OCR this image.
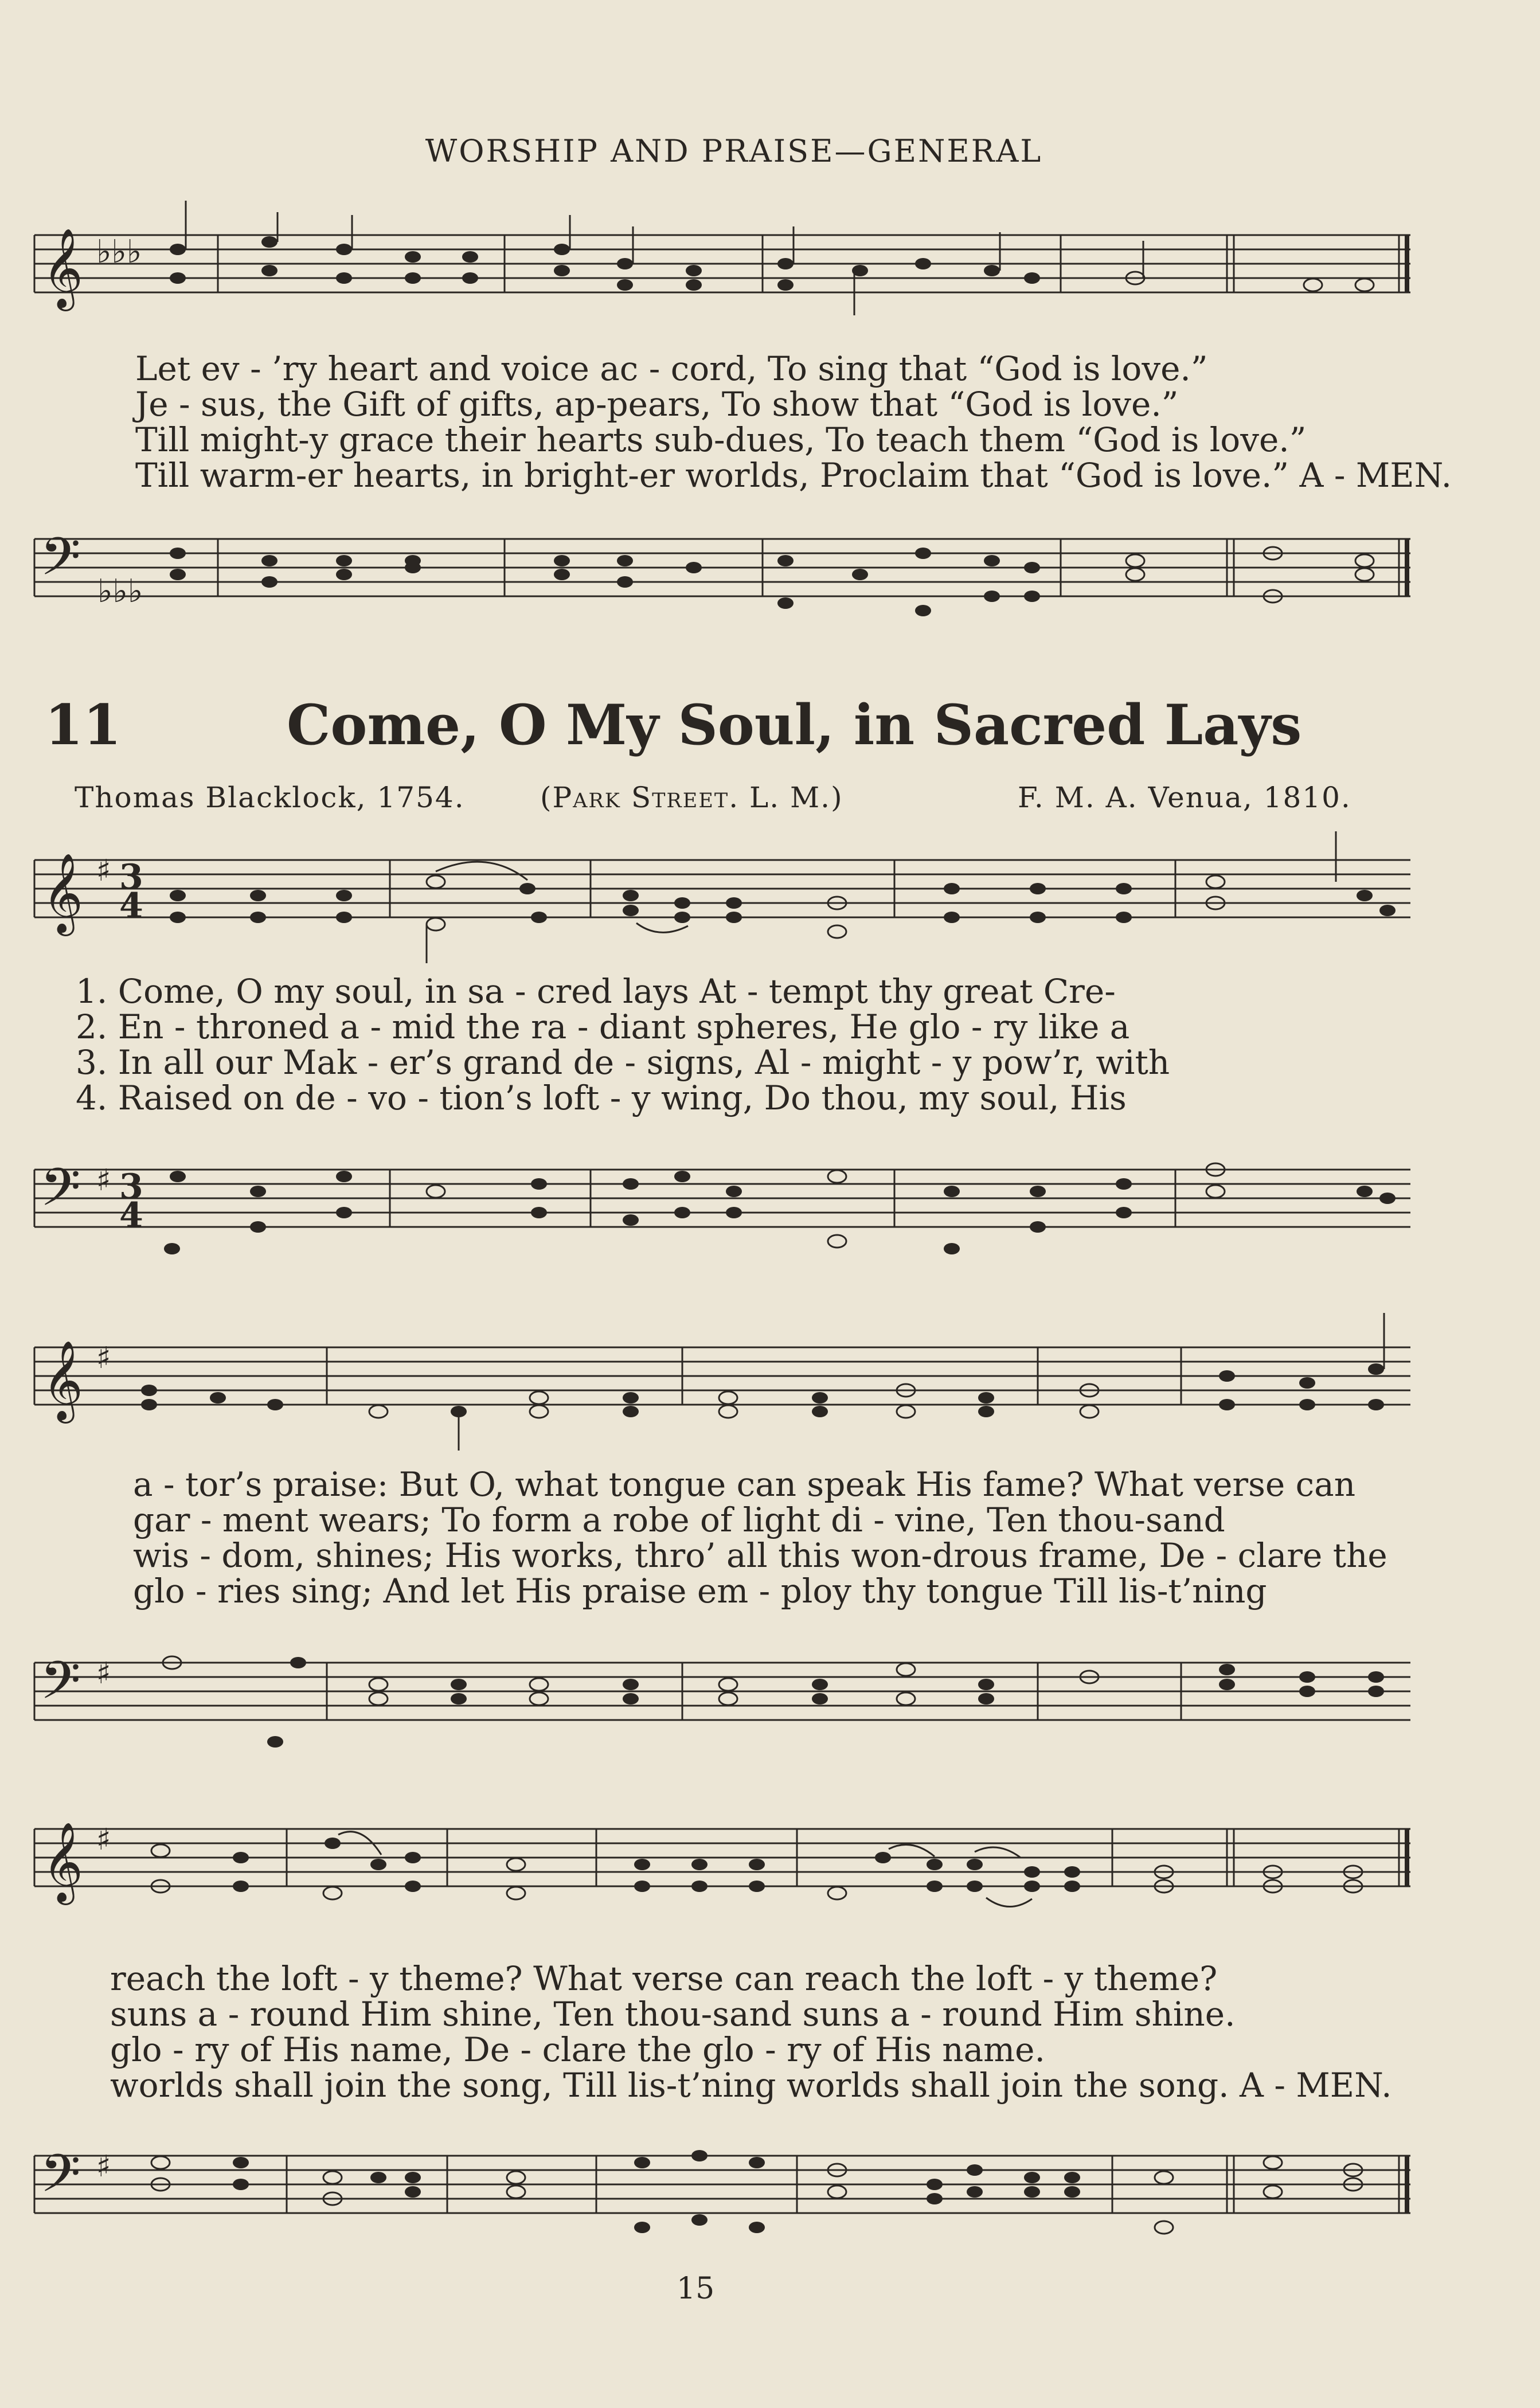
WORSHIP AND PRAISE—GENERAL
𝄞 ♭♭♭
Let ev - ’ry heart and voice ac - cord, To sing that “God is love.”
Je - sus, the Gift of gifts, ap-pears, To show that “God is love.”
Till might-y grace their hearts sub-dues, To teach them “God is love.”
Till warm-er hearts, in bright-er worlds, Proclaim that “God is love.” A - MEN.
𝄢 ♭♭♭
11	Come, O My Soul, in Sacred Lays
Thomas Blacklock, 1754.	(Park Street. L. M.)	F. M. A. Venua, 1810.
𝄞 ♯ 3
4
1. Come, O my soul, in sa - cred lays At - tempt thy great Cre-
2. En - throned a - mid the ra - diant spheres, He glo - ry like a
3. In all our Mak - er’s grand de - signs, Al - might - y pow’r, with
4. Raised on de - vo - tion’s loft - y wing, Do thou, my soul, His
𝄢 ♯ 3
4
𝄞 ♯
a - tor’s praise: But O, what tongue can speak His fame? What verse can
gar - ment wears; To form a robe of light di - vine, Ten thou-sand
wis - dom, shines; His works, thro’ all this won-drous frame, De - clare the
glo - ries sing; And let His praise em - ploy thy tongue Till lis-t’ning
𝄢 ♯
𝄞 ♯
reach the loft - y theme? What verse can reach the loft - y theme?
suns a - round Him shine, Ten thou-sand suns a - round Him shine.
glo - ry of His name, De - clare the glo - ry of His name.
worlds shall join the song, Till lis-t’ning worlds shall join the song. A - MEN.
𝄢 ♯
15
